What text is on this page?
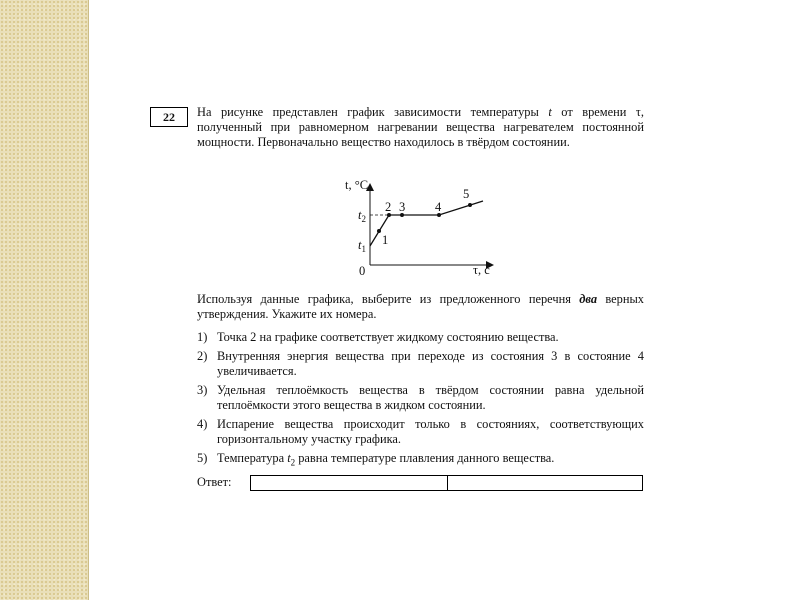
22	На рисунке представлен график зависимости температуры t от времени τ, полученный при равномерном нагревании вещества нагревателем постоянной мощности. Первоначально вещество находилось в твёрдом состоянии.

t, °C
τ, с
0
$t_2$
$t_1$
1
2 3 4
5
Используя данные графика, выберите из предложенного перечня два верных утверждения. Укажите их номера.
1) Точка 2 на графике соответствует жидкому состоянию вещества.
2) Внутренняя энергия вещества при переходе из состояния 3 в состояние 4 увеличивается.
3) Удельная теплоёмкость вещества в твёрдом состоянии равна удельной теплоёмкости этого вещества в жидком состоянии.
4) Испарение вещества происходит только в состояниях, соответствующих горизонтальному участку графика.
5) Температура $t_2$ равна температуре плавления данного вещества.
Ответ:
